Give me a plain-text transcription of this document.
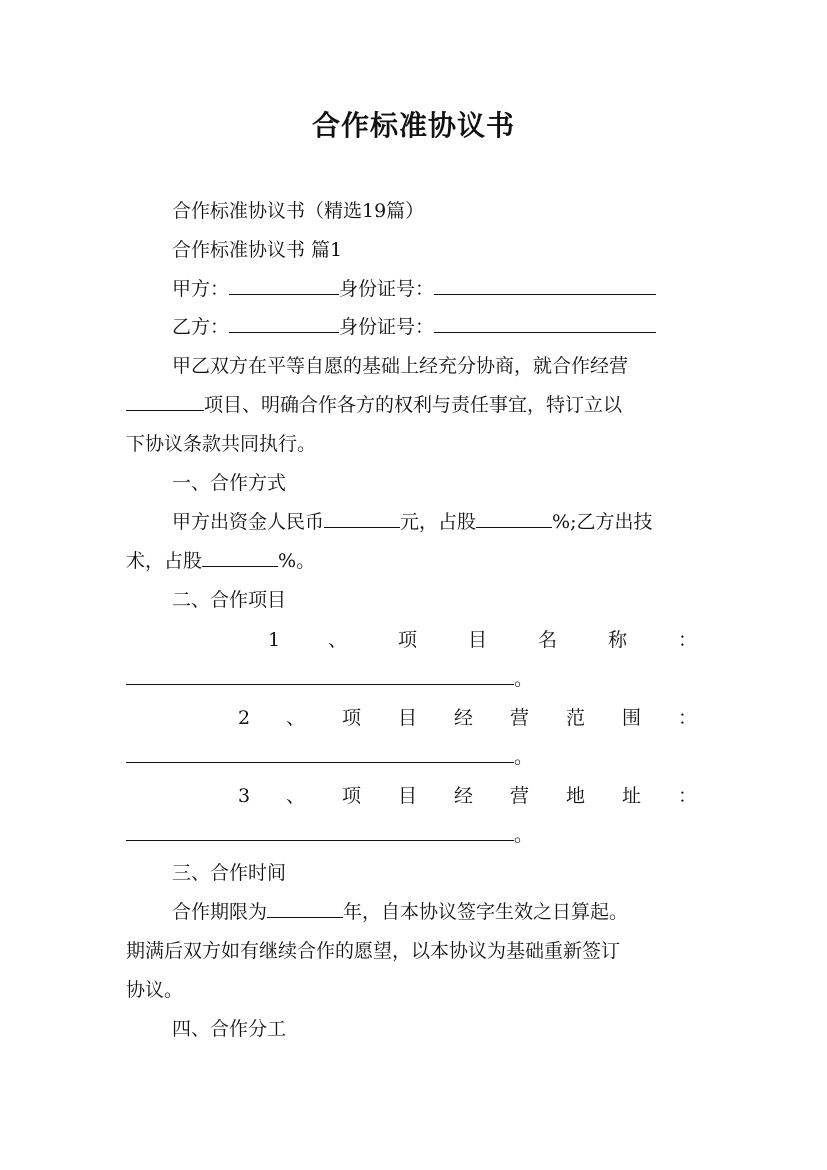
合作标准协议书
合作标准协议书（精选19篇）
合作标准协议书 篇1
甲方：	身份证号：
乙方：	身份证号：
甲乙双方在平等自愿的基础上经充分协商，就合作经营
项目、明确合作各方的权利与责任事宜，特订立以
下协议条款共同执行。
一、合作方式
甲方出资金人民币	元，占股	%;乙方出技
术，占股	%。
二、合作项目
1	、	项	目	名	称	：
。
2 、 项 目 经 营 范 围 ：
。
3 、 项 目 经 营 地 址 ：
。
三、合作时间
合作期限为	年，自本协议签字生效之日算起。
期满后双方如有继续合作的愿望，以本协议为基础重新签订
协议。
四、合作分工
